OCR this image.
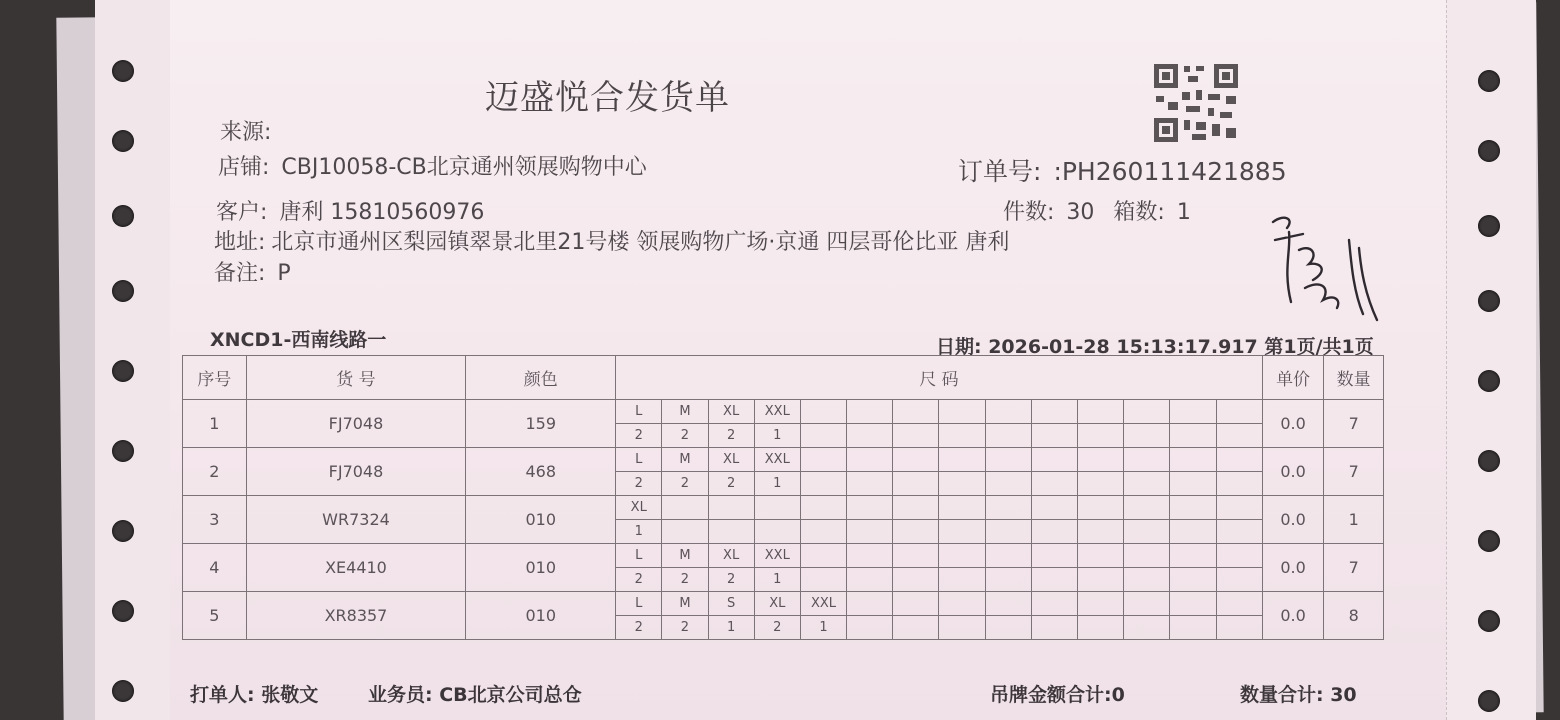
迈盛悦合发货单
来源:
店铺: CBJ10058-CB北京通州领展购物中心	订单号: :PH260111421885
客户: 唐利 15810560976	件数: 30 箱数: 1
地址: 北京市通州区梨园镇翠景北里21号楼 领展购物广场·京通 四层哥伦比亚 唐利
备注: P
XNCD1-西南线路一	日期: 2026-01-28 15:13:17.917 第1页/共1页
序号	货 号	颜色	尺 码														单价	数量
1	FJ7048	159	L	M	XL	XXL											0.0	7
			2	2	2	1												
2	FJ7048	468	L	M	XL	XXL											0.0	7
			2	2	2	1												
3	WR7324	010	XL														0.0	1
			1															
4	XE4410	010	L	M	XL	XXL											0.0	7
			2	2	2	1												
5	XR8357	010	L	M	S	XL	XXL										0.0	8
			2	2	1	2	1											
打单人: 张敬文	业务员: CB北京公司总仓	吊牌金额合计:0	数量合计: 30
